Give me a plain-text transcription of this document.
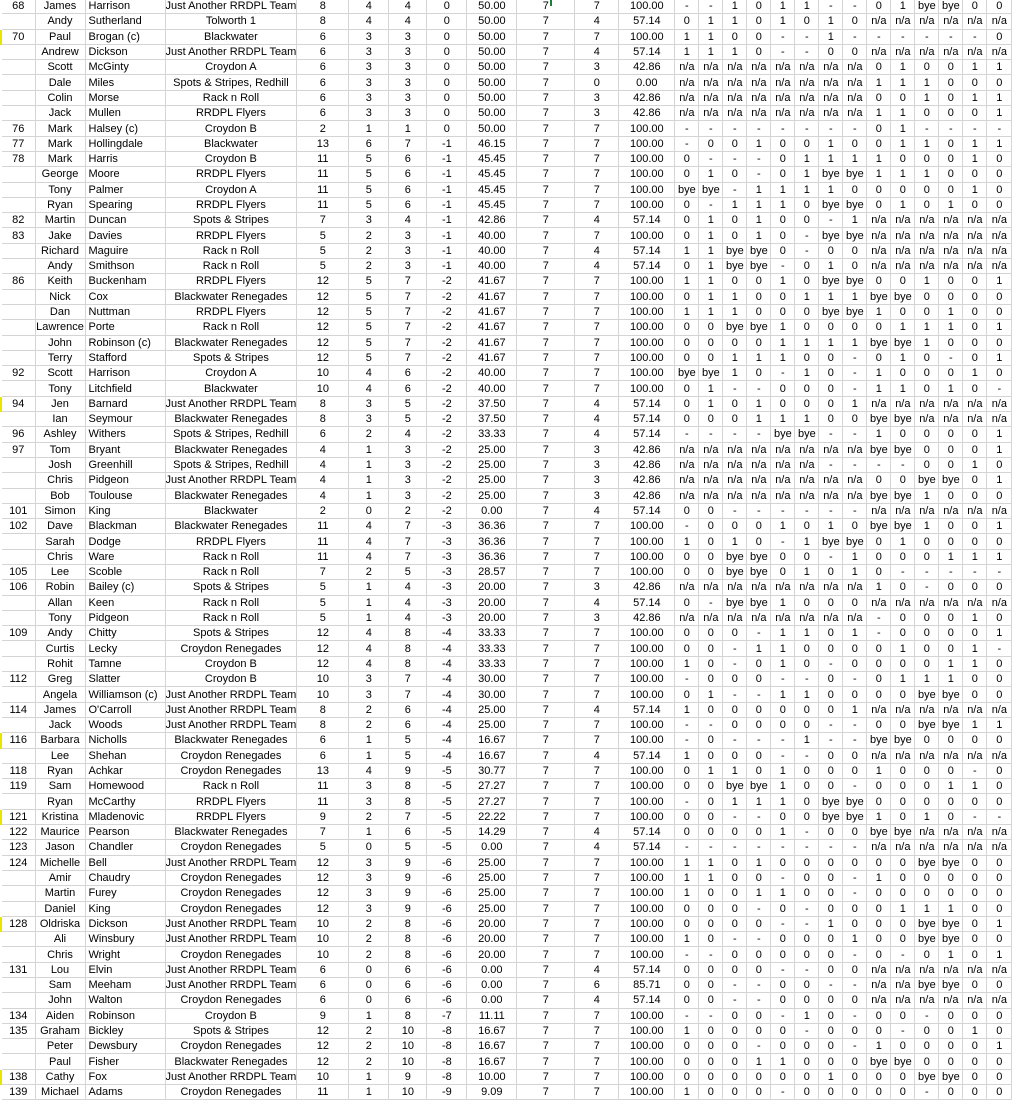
68	James	Harrison	Just Another RRDPL Team	8	4	4	0	50.00	7	7	100.00	-	-	1	0	1	1	-	-	0	1	bye	bye	0	0
	Andy	Sutherland	Tolworth 1	8	4	4	0	50.00	7	4	57.14	0	1	1	0	1	0	1	0	n/a	n/a	n/a	n/a	n/a	n/a
70	Paul	Brogan (c)	Blackwater	6	3	3	0	50.00	7	7	100.00	1	1	0	0	-	-	1	-	-	-	-	-	-	0
	Andrew	Dickson	Just Another RRDPL Team	6	3	3	0	50.00	7	4	57.14	1	1	1	0	-	-	0	0	n/a	n/a	n/a	n/a	n/a	n/a
	Scott	McGinty	Croydon A	6	3	3	0	50.00	7	3	42.86	n/a	n/a	n/a	n/a	n/a	n/a	n/a	n/a	0	1	0	0	1	1
	Dale	Miles	Spots & Stripes, Redhill	6	3	3	0	50.00	7	0	0.00	n/a	n/a	n/a	n/a	n/a	n/a	n/a	n/a	1	1	1	0	0	0
	Colin	Morse	Rack n Roll	6	3	3	0	50.00	7	3	42.86	n/a	n/a	n/a	n/a	n/a	n/a	n/a	n/a	0	0	1	0	1	1
	Jack	Mullen	RRDPL Flyers	6	3	3	0	50.00	7	3	42.86	n/a	n/a	n/a	n/a	n/a	n/a	n/a	n/a	1	1	0	0	0	1
76	Mark	Halsey (c)	Croydon B	2	1	1	0	50.00	7	7	100.00	-	-	-	-	-	-	-	-	0	1	-	-	-	-
77	Mark	Hollingdale	Blackwater	13	6	7	-1	46.15	7	7	100.00	-	0	0	1	0	0	1	0	0	1	1	0	1	1
78	Mark	Harris	Croydon B	11	5	6	-1	45.45	7	7	100.00	0	-	-	-	0	1	1	1	1	0	0	0	1	0
	George	Moore	RRDPL Flyers	11	5	6	-1	45.45	7	7	100.00	0	1	0	-	0	1	bye	bye	1	1	1	0	0	0
	Tony	Palmer	Croydon A	11	5	6	-1	45.45	7	7	100.00	bye	bye	-	1	1	1	1	0	0	0	0	0	1	0
	Ryan	Spearing	RRDPL Flyers	11	5	6	-1	45.45	7	7	100.00	0	-	1	1	1	0	bye	bye	0	1	0	1	0	0
82	Martin	Duncan	Spots & Stripes	7	3	4	-1	42.86	7	4	57.14	0	1	0	1	0	0	-	1	n/a	n/a	n/a	n/a	n/a	n/a
83	Jake	Davies	RRDPL Flyers	5	2	3	-1	40.00	7	7	100.00	0	1	0	1	0	-	bye	bye	n/a	n/a	n/a	n/a	n/a	n/a
	Richard	Maguire	Rack n Roll	5	2	3	-1	40.00	7	4	57.14	1	1	bye	bye	0	-	0	0	n/a	n/a	n/a	n/a	n/a	n/a
	Andy	Smithson	Rack n Roll	5	2	3	-1	40.00	7	4	57.14	0	1	bye	bye	-	0	1	0	n/a	n/a	n/a	n/a	n/a	n/a
86	Keith	Buckenham	RRDPL Flyers	12	5	7	-2	41.67	7	7	100.00	1	1	0	0	1	0	bye	bye	0	0	1	0	0	1
	Nick	Cox	Blackwater Renegades	12	5	7	-2	41.67	7	7	100.00	0	1	1	0	0	1	1	1	bye	bye	0	0	0	0
	Dan	Nuttman	RRDPL Flyers	12	5	7	-2	41.67	7	7	100.00	1	1	1	0	0	0	bye	bye	1	0	0	1	0	0
	Lawrence	Porte	Rack n Roll	12	5	7	-2	41.67	7	7	100.00	0	0	bye	bye	1	0	0	0	0	1	1	1	0	1
	John	Robinson (c)	Blackwater Renegades	12	5	7	-2	41.67	7	7	100.00	0	0	0	0	1	1	1	1	bye	bye	1	0	0	0
	Terry	Stafford	Spots & Stripes	12	5	7	-2	41.67	7	7	100.00	0	0	1	1	1	0	0	-	0	1	0	-	0	1
92	Scott	Harrison	Croydon A	10	4	6	-2	40.00	7	7	100.00	bye	bye	1	0	-	1	0	-	1	0	0	0	1	0
	Tony	Litchfield	Blackwater	10	4	6	-2	40.00	7	7	100.00	0	1	-	-	0	0	0	-	1	1	0	1	0	-
94	Jen	Barnard	Just Another RRDPL Team	8	3	5	-2	37.50	7	4	57.14	0	1	0	1	0	0	0	1	n/a	n/a	n/a	n/a	n/a	n/a
	Ian	Seymour	Blackwater Renegades	8	3	5	-2	37.50	7	4	57.14	0	0	0	1	1	1	0	0	bye	bye	n/a	n/a	n/a	n/a
96	Ashley	Withers	Spots & Stripes, Redhill	6	2	4	-2	33.33	7	4	57.14	-	-	-	-	bye	bye	-	-	1	0	0	0	0	1
97	Tom	Bryant	Blackwater Renegades	4	1	3	-2	25.00	7	3	42.86	n/a	n/a	n/a	n/a	n/a	n/a	n/a	n/a	bye	bye	0	0	0	1
	Josh	Greenhill	Spots & Stripes, Redhill	4	1	3	-2	25.00	7	3	42.86	n/a	n/a	n/a	n/a	n/a	n/a	-	-	-	-	0	0	1	0
	Chris	Pidgeon	Just Another RRDPL Team	4	1	3	-2	25.00	7	3	42.86	n/a	n/a	n/a	n/a	n/a	n/a	n/a	n/a	0	0	bye	bye	0	1
	Bob	Toulouse	Blackwater Renegades	4	1	3	-2	25.00	7	3	42.86	n/a	n/a	n/a	n/a	n/a	n/a	n/a	n/a	bye	bye	1	0	0	0
101	Simon	King	Blackwater	2	0	2	-2	0.00	7	4	57.14	0	0	-	-	-	-	-	-	n/a	n/a	n/a	n/a	n/a	n/a
102	Dave	Blackman	Blackwater Renegades	11	4	7	-3	36.36	7	7	100.00	-	0	0	0	1	0	1	0	bye	bye	1	0	0	1
	Sarah	Dodge	RRDPL Flyers	11	4	7	-3	36.36	7	7	100.00	1	0	1	0	-	1	bye	bye	0	1	0	0	0	0
	Chris	Ware	Rack n Roll	11	4	7	-3	36.36	7	7	100.00	0	0	bye	bye	0	0	-	1	0	0	0	1	1	1
105	Lee	Scoble	Rack n Roll	7	2	5	-3	28.57	7	7	100.00	0	0	bye	bye	0	1	0	1	0	-	-	-	-	-
106	Robin	Bailey (c)	Spots & Stripes	5	1	4	-3	20.00	7	3	42.86	n/a	n/a	n/a	n/a	n/a	n/a	n/a	n/a	1	0	-	0	0	0
	Allan	Keen	Rack n Roll	5	1	4	-3	20.00	7	4	57.14	0	-	bye	bye	1	0	0	0	n/a	n/a	n/a	n/a	n/a	n/a
	Tony	Pidgeon	Rack n Roll	5	1	4	-3	20.00	7	3	42.86	n/a	n/a	n/a	n/a	n/a	n/a	n/a	n/a	-	0	0	0	1	0
109	Andy	Chitty	Spots & Stripes	12	4	8	-4	33.33	7	7	100.00	0	0	0	-	1	1	0	1	-	0	0	0	0	1
	Curtis	Lecky	Croydon Renegades	12	4	8	-4	33.33	7	7	100.00	0	0	-	1	1	0	0	0	0	1	0	0	1	-
	Rohit	Tamne	Croydon B	12	4	8	-4	33.33	7	7	100.00	1	0	-	0	1	0	-	0	0	0	0	1	1	0
112	Greg	Slatter	Croydon B	10	3	7	-4	30.00	7	7	100.00	-	0	0	0	-	-	0	-	0	1	1	1	0	0
	Angela	Williamson (c)	Just Another RRDPL Team	10	3	7	-4	30.00	7	7	100.00	0	1	-	-	1	1	0	0	0	0	bye	bye	0	0
114	James	O'Carroll	Just Another RRDPL Team	8	2	6	-4	25.00	7	4	57.14	1	0	0	0	0	0	0	1	n/a	n/a	n/a	n/a	n/a	n/a
	Jack	Woods	Just Another RRDPL Team	8	2	6	-4	25.00	7	7	100.00	-	-	0	0	0	0	-	-	0	0	bye	bye	1	1
116	Barbara	Nicholls	Blackwater Renegades	6	1	5	-4	16.67	7	7	100.00	-	0	-	-	-	1	-	-	bye	bye	0	0	0	0
	Lee	Shehan	Croydon Renegades	6	1	5	-4	16.67	7	4	57.14	1	0	0	0	-	-	0	0	n/a	n/a	n/a	n/a	n/a	n/a
118	Ryan	Achkar	Croydon Renegades	13	4	9	-5	30.77	7	7	100.00	0	1	1	0	1	0	0	0	1	0	0	0	-	0
119	Sam	Homewood	Rack n Roll	11	3	8	-5	27.27	7	7	100.00	0	0	bye	bye	1	0	0	-	0	0	0	1	1	0
	Ryan	McCarthy	RRDPL Flyers	11	3	8	-5	27.27	7	7	100.00	-	0	1	1	1	0	bye	bye	0	0	0	0	0	0
121	Kristina	Mladenovic	RRDPL Flyers	9	2	7	-5	22.22	7	7	100.00	0	0	-	-	0	0	bye	bye	1	0	1	0	-	-
122	Maurice	Pearson	Blackwater Renegades	7	1	6	-5	14.29	7	4	57.14	0	0	0	0	1	-	0	0	bye	bye	n/a	n/a	n/a	n/a
123	Jason	Chandler	Croydon Renegades	5	0	5	-5	0.00	7	4	57.14	-	-	-	-	-	-	-	-	n/a	n/a	n/a	n/a	n/a	n/a
124	Michelle	Bell	Just Another RRDPL Team	12	3	9	-6	25.00	7	7	100.00	1	1	0	1	0	0	0	0	0	0	bye	bye	0	0
	Amir	Chaudry	Croydon Renegades	12	3	9	-6	25.00	7	7	100.00	1	1	0	0	-	0	0	-	1	0	0	0	0	0
	Martin	Furey	Croydon Renegades	12	3	9	-6	25.00	7	7	100.00	1	0	0	1	1	0	0	-	0	0	0	0	0	0
	Daniel	King	Croydon Renegades	12	3	9	-6	25.00	7	7	100.00	0	0	0	-	0	-	0	0	0	1	1	1	0	0
128	Oldriska	Dickson	Just Another RRDPL Team	10	2	8	-6	20.00	7	7	100.00	0	0	0	0	-	-	1	0	0	0	bye	bye	0	1
	Ali	Winsbury	Just Another RRDPL Team	10	2	8	-6	20.00	7	7	100.00	1	0	-	-	0	0	0	1	0	0	bye	bye	0	0
	Chris	Wright	Croydon Renegades	10	2	8	-6	20.00	7	7	100.00	-	-	0	0	0	0	0	-	0	-	0	1	0	1
131	Lou	Elvin	Just Another RRDPL Team	6	0	6	-6	0.00	7	4	57.14	0	0	0	0	-	-	0	0	n/a	n/a	n/a	n/a	n/a	n/a
	Sam	Meeham	Just Another RRDPL Team	6	0	6	-6	0.00	7	6	85.71	0	0	-	-	0	0	-	-	n/a	n/a	bye	bye	0	0
	John	Walton	Croydon Renegades	6	0	6	-6	0.00	7	4	57.14	0	0	-	-	0	0	0	0	n/a	n/a	n/a	n/a	n/a	n/a
134	Aiden	Robinson	Croydon B	9	1	8	-7	11.11	7	7	100.00	-	-	0	0	-	1	0	-	0	0	-	0	0	0
135	Graham	Bickley	Spots & Stripes	12	2	10	-8	16.67	7	7	100.00	1	0	0	0	0	-	0	0	0	-	0	0	1	0
	Peter	Dewsbury	Croydon Renegades	12	2	10	-8	16.67	7	7	100.00	0	0	0	-	0	0	0	-	1	0	0	0	0	1
	Paul	Fisher	Blackwater Renegades	12	2	10	-8	16.67	7	7	100.00	0	0	0	1	1	0	0	0	bye	bye	0	0	0	0
138	Cathy	Fox	Just Another RRDPL Team	10	1	9	-8	10.00	7	7	100.00	0	0	0	0	0	0	1	0	0	0	bye	bye	0	0
139	Michael	Adams	Croydon Renegades	11	1	10	-9	9.09	7	7	100.00	1	0	0	0	-	0	0	0	0	0	-	0	0	0
